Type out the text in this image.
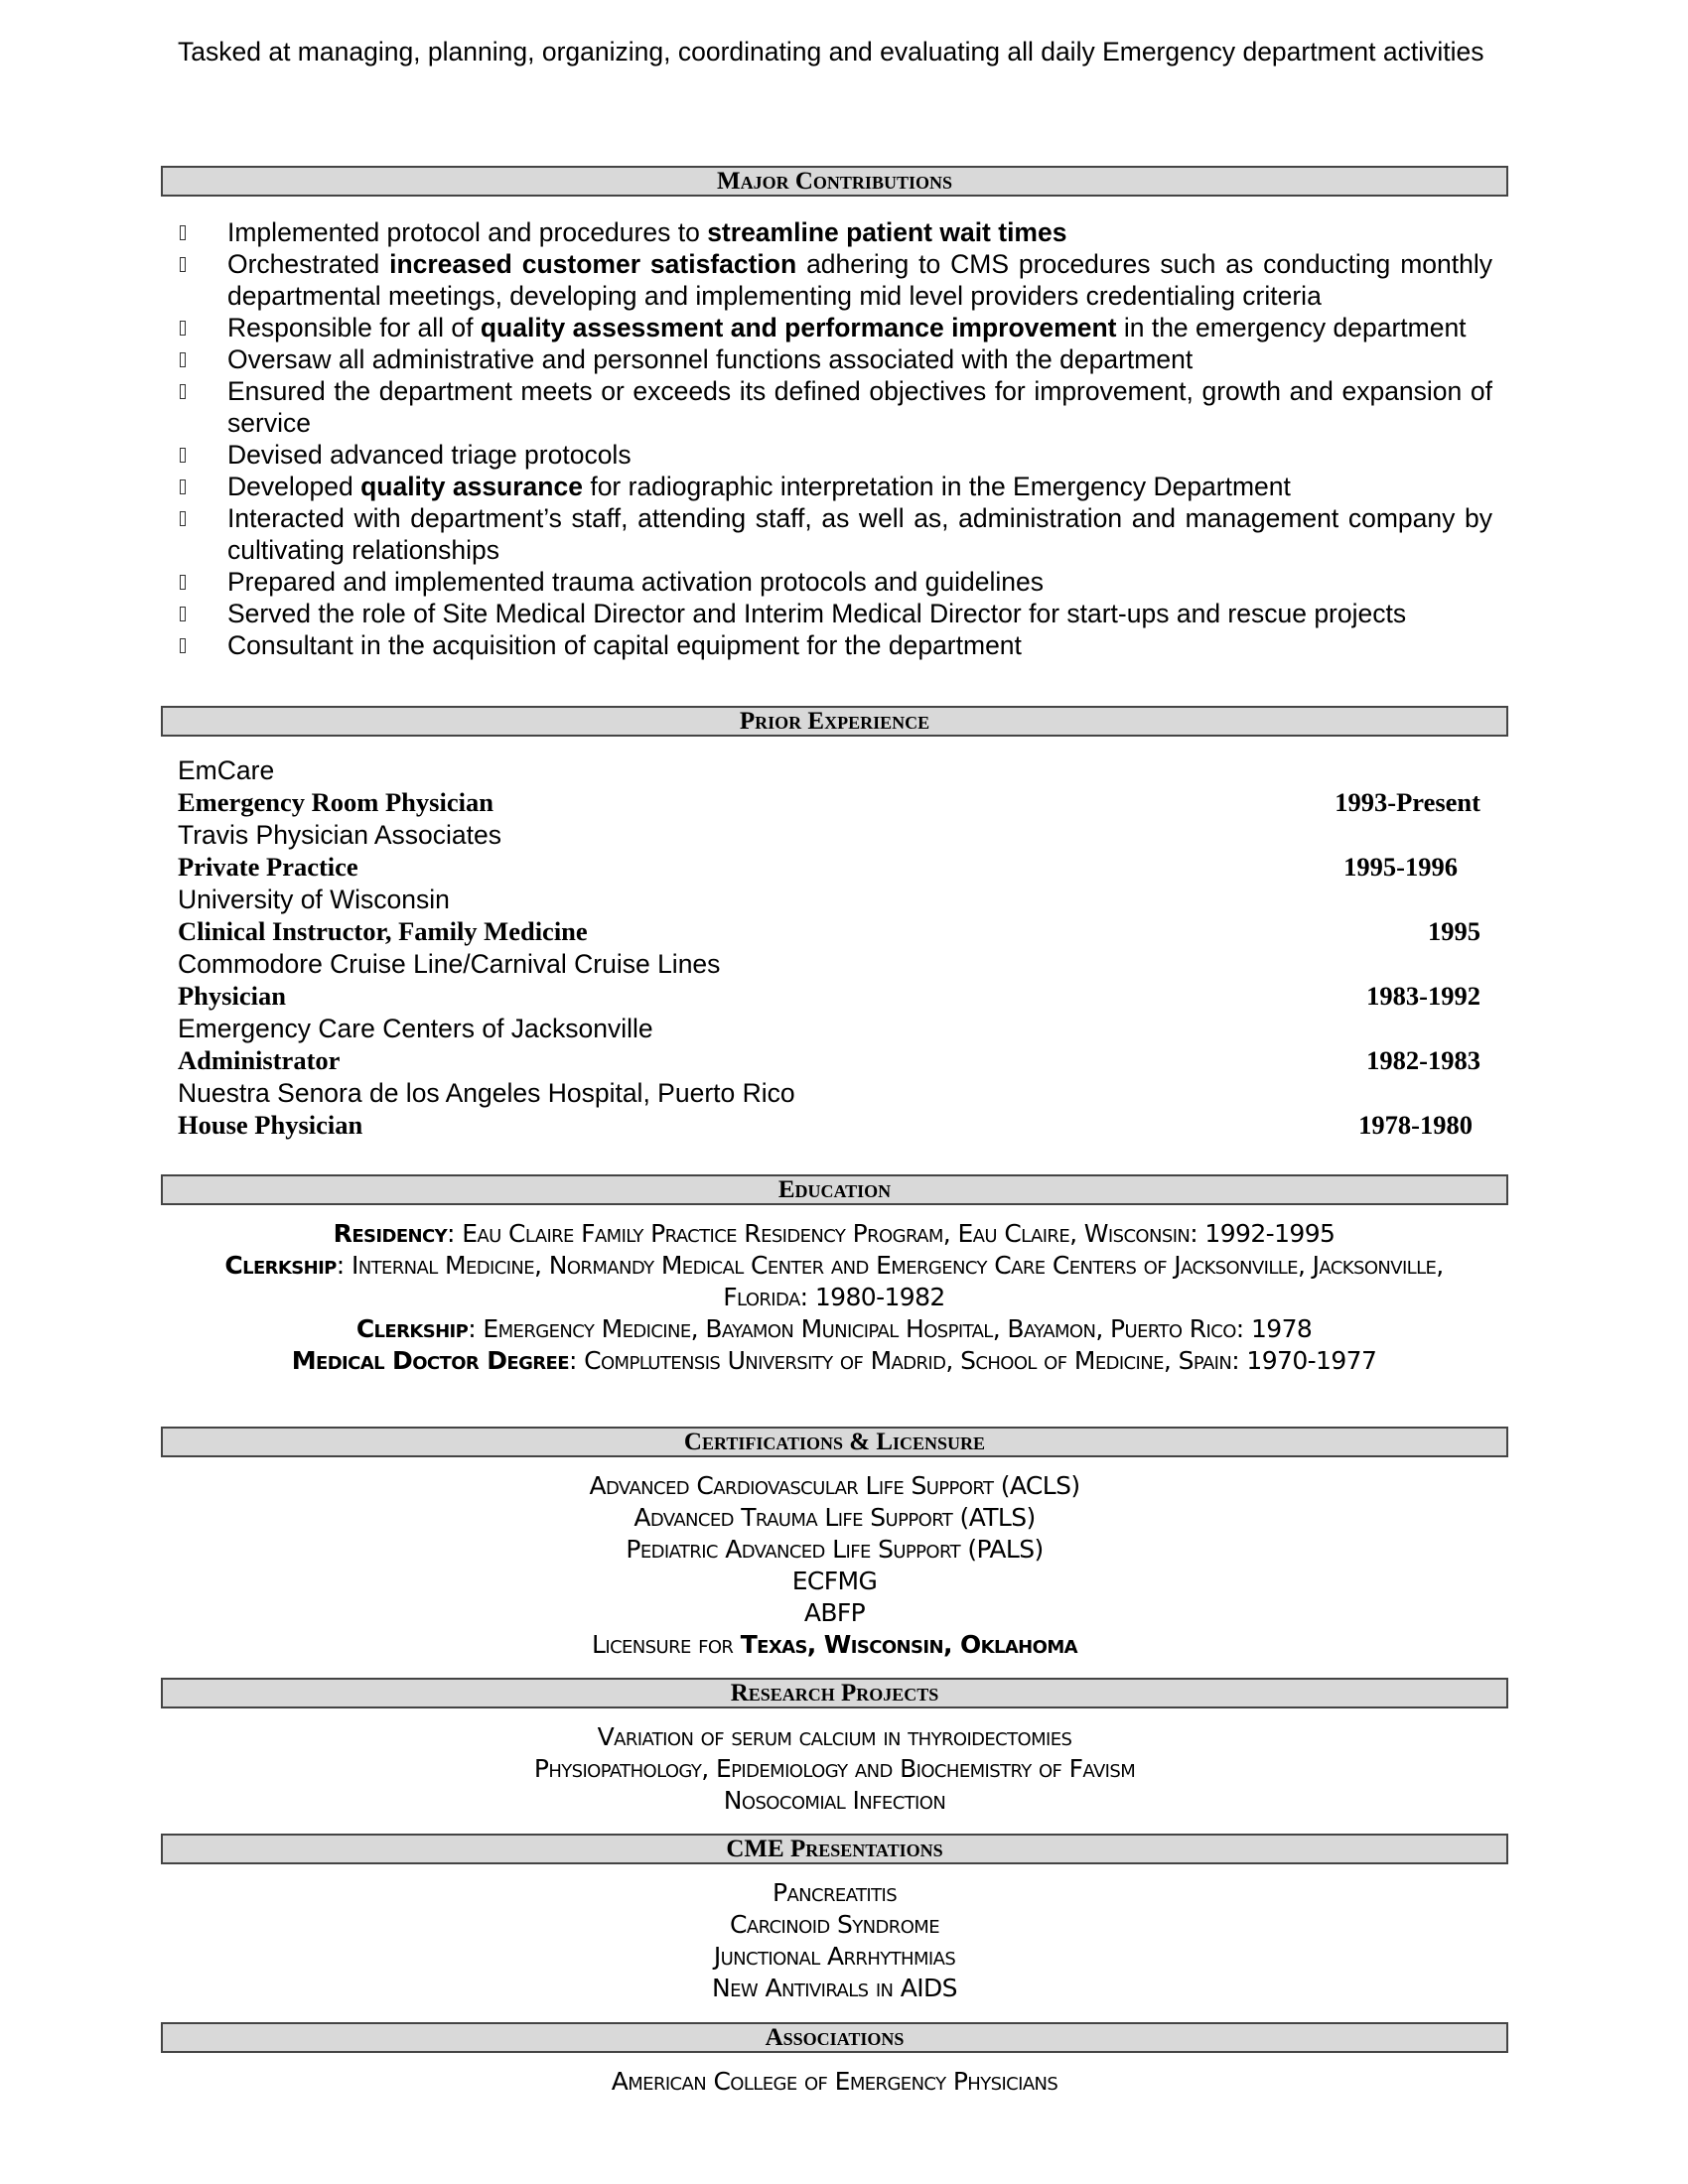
Tasked at managing, planning, organizing, coordinating and evaluating all daily Emergency department activities
Major Contributions
Implemented protocol and procedures to streamline patient wait times
Orchestrated increased customer satisfaction adhering to CMS procedures such as conducting monthly departmental meetings, developing and implementing mid level providers credentialing criteria
Responsible for all of quality assessment and performance improvement in the emergency department
Oversaw all administrative and personnel functions associated with the department
Ensured the department meets or exceeds its defined objectives for improvement, growth and expansion of service
Devised advanced triage protocols
Developed quality assurance for radiographic interpretation in the Emergency Department
Interacted with department’s staff, attending staff, as well as, administration and management company by cultivating relationships
Prepared and implemented trauma activation protocols and guidelines
Served the role of Site Medical Director and Interim Medical Director for start-ups and rescue projects
Consultant in the acquisition of capital equipment for the department
Prior Experience
EmCare
Emergency Room Physician	1993-Present
Travis Physician Associates
Private Practice	1995-1996
University of Wisconsin
Clinical Instructor, Family Medicine	1995
Commodore Cruise Line/Carnival Cruise Lines
Physician	1983-1992
Emergency Care Centers of Jacksonville
Administrator	1982-1983
Nuestra Senora de los Angeles Hospital, Puerto Rico
House Physician	1978-1980
Education
Residency: Eau Claire Family Practice Residency Program, Eau Claire, Wisconsin: 1992-1995
Clerkship: Internal Medicine, Normandy Medical Center and Emergency Care Centers of Jacksonville, Jacksonville, Florida: 1980-1982
Clerkship: Emergency Medicine, Bayamon Municipal Hospital, Bayamon, Puerto Rico: 1978
Medical Doctor Degree: Complutensis University of Madrid, School of Medicine, Spain: 1970-1977
Certifications & Licensure
Advanced Cardiovascular Life Support (ACLS)
Advanced Trauma Life Support (ATLS)
Pediatric Advanced Life Support (PALS)
ECFMG
ABFP
Licensure for Texas, Wisconsin, Oklahoma
Research Projects
Variation of serum calcium in thyroidectomies
Physiopathology, Epidemiology and Biochemistry of Favism
Nosocomial Infection
CME Presentations
Pancreatitis
Carcinoid Syndrome
Junctional Arrhythmias
New Antivirals in AIDS
Associations
American College of Emergency Physicians
